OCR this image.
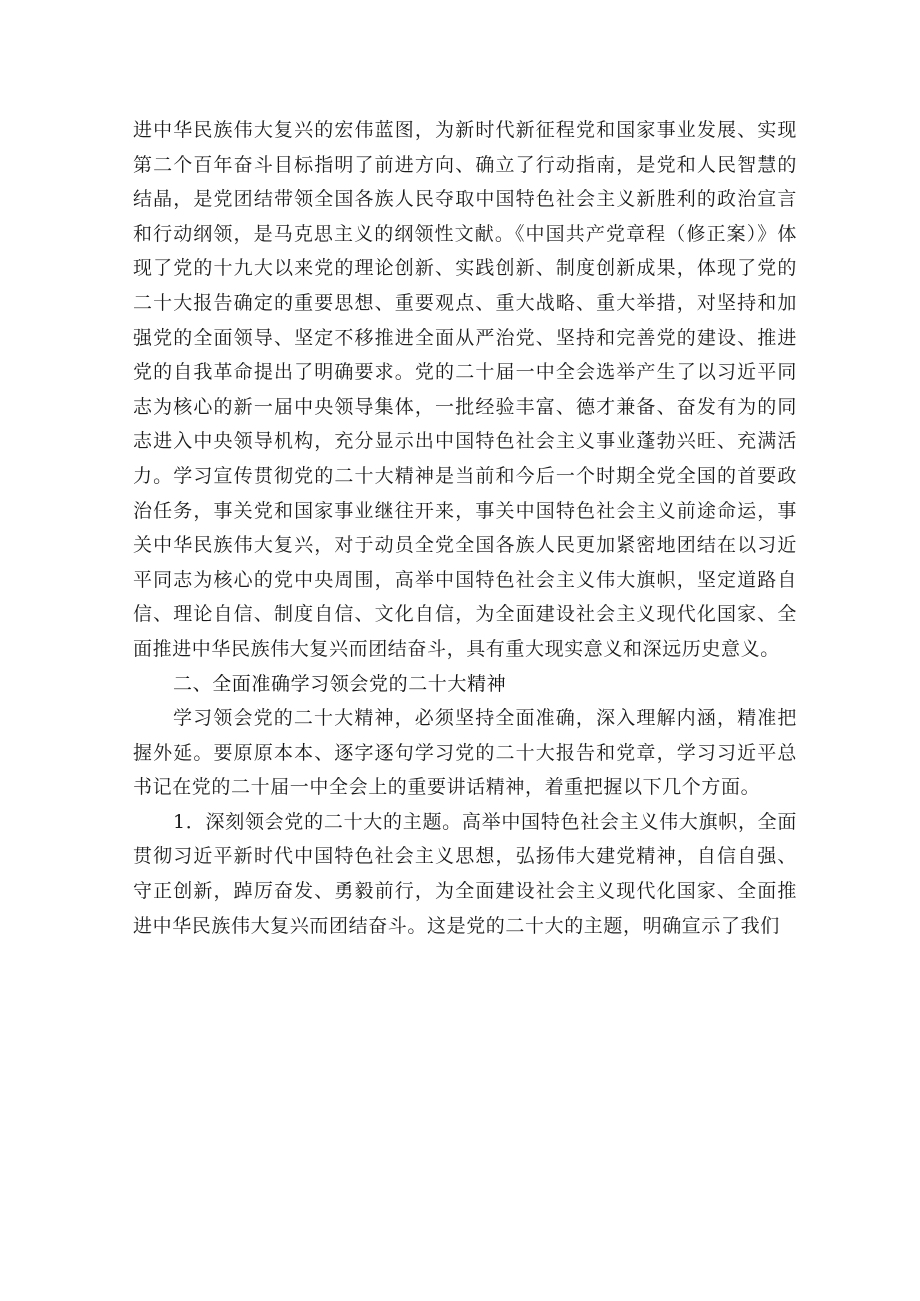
进中华民族伟大复兴的宏伟蓝图，为新时代新征程党和国家事业发展、实现第二个百年奋斗目标指明了前进方向、确立了行动指南，是党和人民智慧的结晶，是党团结带领全国各族人民夺取中国特色社会主义新胜利的政治宣言和行动纲领，是马克思主义的纲领性文献。《中国共产党章程（修正案）》体现了党的十九大以来党的理论创新、实践创新、制度创新成果，体现了党的二十大报告确定的重要思想、重要观点、重大战略、重大举措，对坚持和加强党的全面领导、坚定不移推进全面从严治党、坚持和完善党的建设、推进党的自我革命提出了明确要求。党的二十届一中全会选举产生了以习近平同志为核心的新一届中央领导集体，一批经验丰富、德才兼备、奋发有为的同志进入中央领导机构，充分显示出中国特色社会主义事业蓬勃兴旺、充满活力。学习宣传贯彻党的二十大精神是当前和今后一个时期全党全国的首要政治任务，事关党和国家事业继往开来，事关中国特色社会主义前途命运，事关中华民族伟大复兴，对于动员全党全国各族人民更加紧密地团结在以习近平同志为核心的党中央周围，高举中国特色社会主义伟大旗帜，坚定道路自信、理论自信、制度自信、文化自信，为全面建设社会主义现代化国家、全面推进中华民族伟大复兴而团结奋斗，具有重大现实意义和深远历史意义。

二、全面准确学习领会党的二十大精神

学习领会党的二十大精神，必须坚持全面准确，深入理解内涵，精准把握外延。要原原本本、逐字逐句学习党的二十大报告和党章，学习习近平总书记在党的二十届一中全会上的重要讲话精神，着重把握以下几个方面。

1．深刻领会党的二十大的主题。高举中国特色社会主义伟大旗帜，全面贯彻习近平新时代中国特色社会主义思想，弘扬伟大建党精神，自信自强、守正创新，踔厉奋发、勇毅前行，为全面建设社会主义现代化国家、全面推进中华民族伟大复兴而团结奋斗。这是党的二十大的主题，明确宣示了我们
